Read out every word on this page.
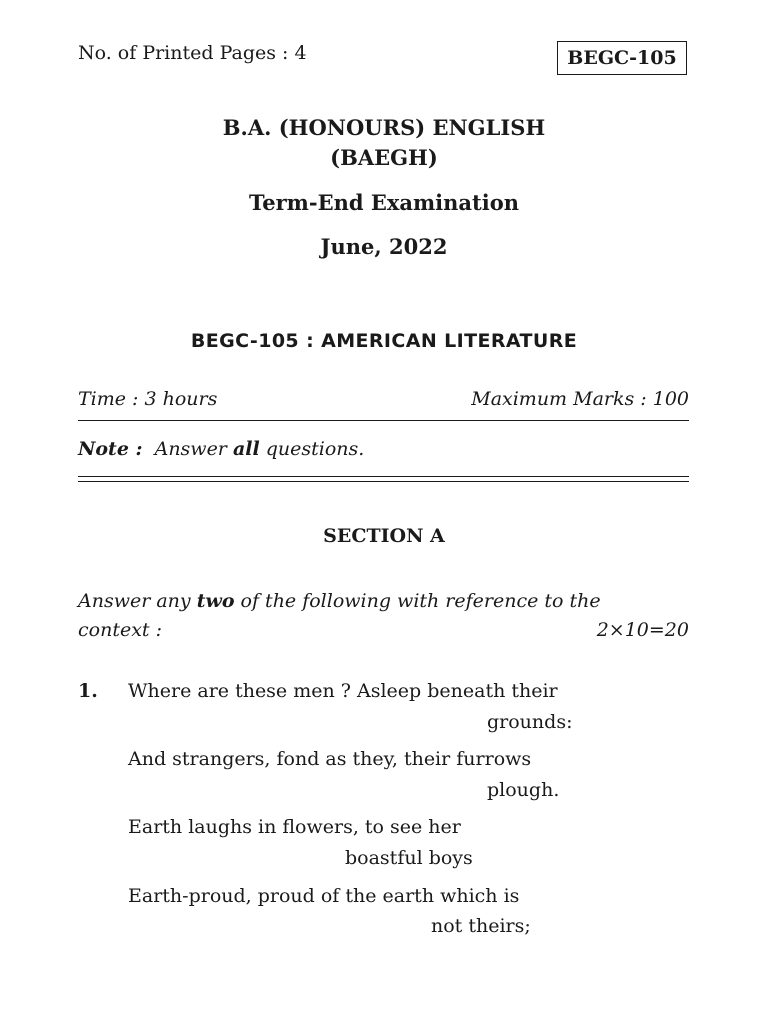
No. of Printed Pages : 4	BEGC-105
B.A. (HONOURS) ENGLISH
(BAEGH)
Term-End Examination
June, 2022
BEGC-105 : AMERICAN LITERATURE
Time : 3 hours	Maximum Marks : 100
Note : Answer all questions.
SECTION A
Answer any two of the following with reference to the
context :	2×10=20
1. Where are these men ? Asleep beneath their
grounds:
And strangers, fond as they, their furrows
plough.
Earth laughs in flowers, to see her
boastful boys
Earth-proud, proud of the earth which is
not theirs;
